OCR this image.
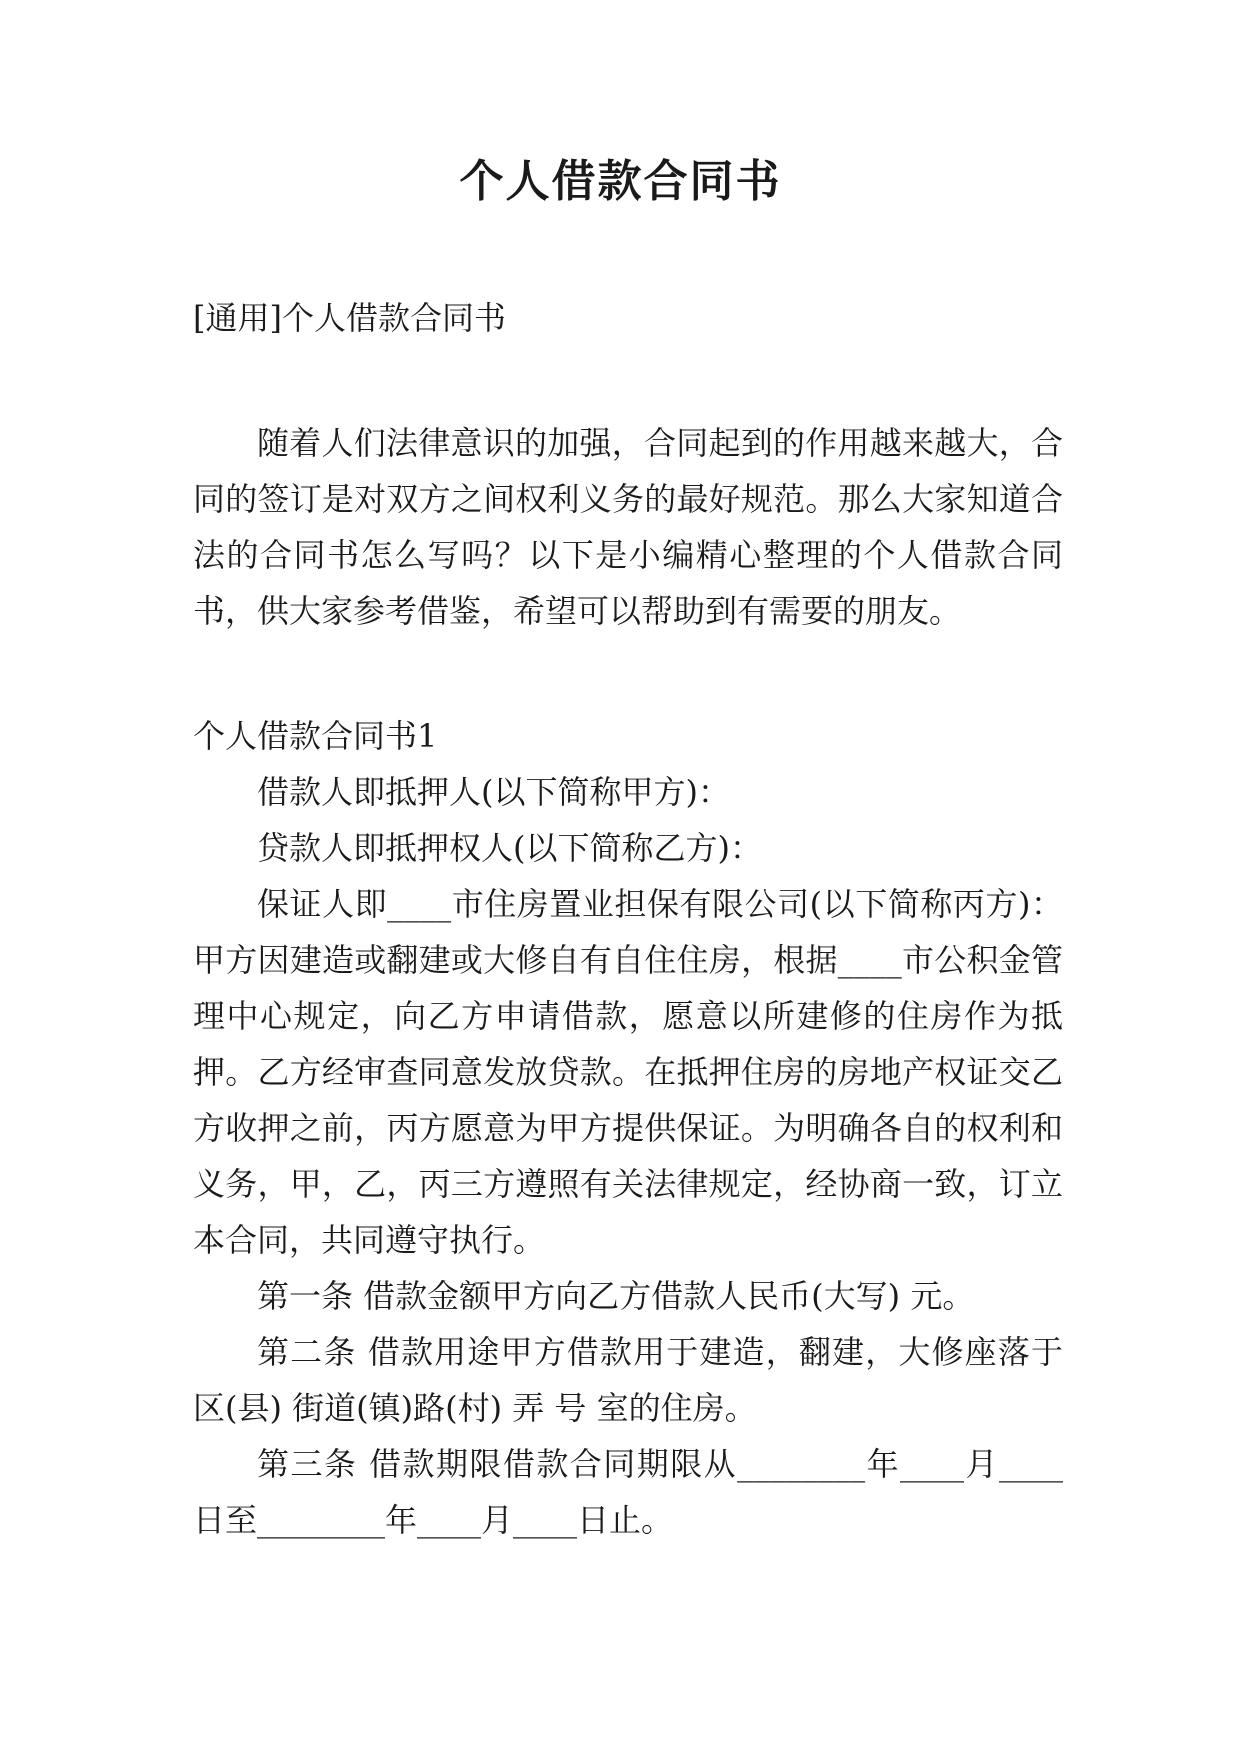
个人借款合同书

[通用]个人借款合同书

随着人们法律意识的加强，合同起到的作用越来越大，合同的签订是对双方之间权利义务的最好规范。那么大家知道合法的合同书怎么写吗？以下是小编精心整理的个人借款合同书，供大家参考借鉴，希望可以帮助到有需要的朋友。

个人借款合同书1

借款人即抵押人(以下简称甲方)：

贷款人即抵押权人(以下简称乙方)：

保证人即____市住房置业担保有限公司(以下简称丙方)：甲方因建造或翻建或大修自有自住住房，根据____市公积金管理中心规定，向乙方申请借款，愿意以所建修的住房作为抵押。乙方经审查同意发放贷款。在抵押住房的房地产权证交乙方收押之前，丙方愿意为甲方提供保证。为明确各自的权利和义务，甲，乙，丙三方遵照有关法律规定，经协商一致，订立本合同，共同遵守执行。

第一条 借款金额甲方向乙方借款人民币(大写) 元。

第二条 借款用途甲方借款用于建造，翻建，大修座落于 区(县) 街道(镇)路(村) 弄 号 室的住房。

第三条 借款期限借款合同期限从________年____月____日至________年____月____日止。
